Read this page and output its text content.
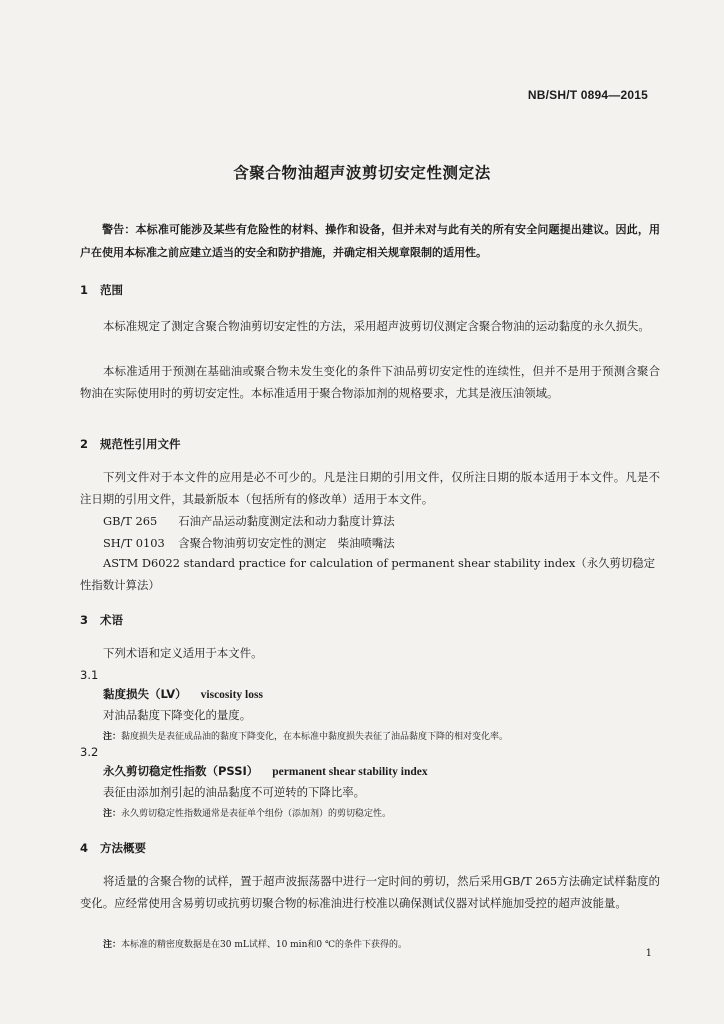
NB/SH/T 0894—2015
含聚合物油超声波剪切安定性测定法
警告：本标准可能涉及某些有危险性的材料、操作和设备，但并未对与此有关的所有安全问题提出建议。因此，用户在使用本标准之前应建立适当的安全和防护措施，并确定相关规章限制的适用性。
1 范围
本标准规定了测定含聚合物油剪切安定性的方法，采用超声波剪切仪测定含聚合物油的运动黏度的永久损失。
本标准适用于预测在基础油或聚合物未发生变化的条件下油品剪切安定性的连续性，但并不是用于预测含聚合物油在实际使用时的剪切安定性。本标准适用于聚合物添加剂的规格要求，尤其是液压油领域。
2 规范性引用文件
下列文件对于本文件的应用是必不可少的。凡是注日期的引用文件，仅所注日期的版本适用于本文件。凡是不注日期的引用文件，其最新版本（包括所有的修改单）适用于本文件。
GB/T 265 石油产品运动黏度测定法和动力黏度计算法
SH/T 0103 含聚合物油剪切安定性的测定　柴油喷嘴法
ASTM D6022 standard practice for calculation of permanent shear stability index（永久剪切稳定性指数计算法）
3 术语
下列术语和定义适用于本文件。
3.1
黏度损失（LV） viscosity loss
对油品黏度下降变化的量度。
注：黏度损失是表征成品油的黏度下降变化，在本标准中黏度损失表征了油品黏度下降的相对变化率。
3.2
永久剪切稳定性指数（PSSI） permanent shear stability index
表征由添加剂引起的油品黏度不可逆转的下降比率。
注：永久剪切稳定性指数通常是表征单个组份（添加剂）的剪切稳定性。
4 方法概要
将适量的含聚合物的试样，置于超声波振荡器中进行一定时间的剪切，然后采用GB/T 265方法确定试样黏度的变化。应经常使用含易剪切或抗剪切聚合物的标准油进行校准以确保测试仪器对试样施加受控的超声波能量。
注：本标准的精密度数据是在30 mL试样、10 min和0 ℃的条件下获得的。
1
